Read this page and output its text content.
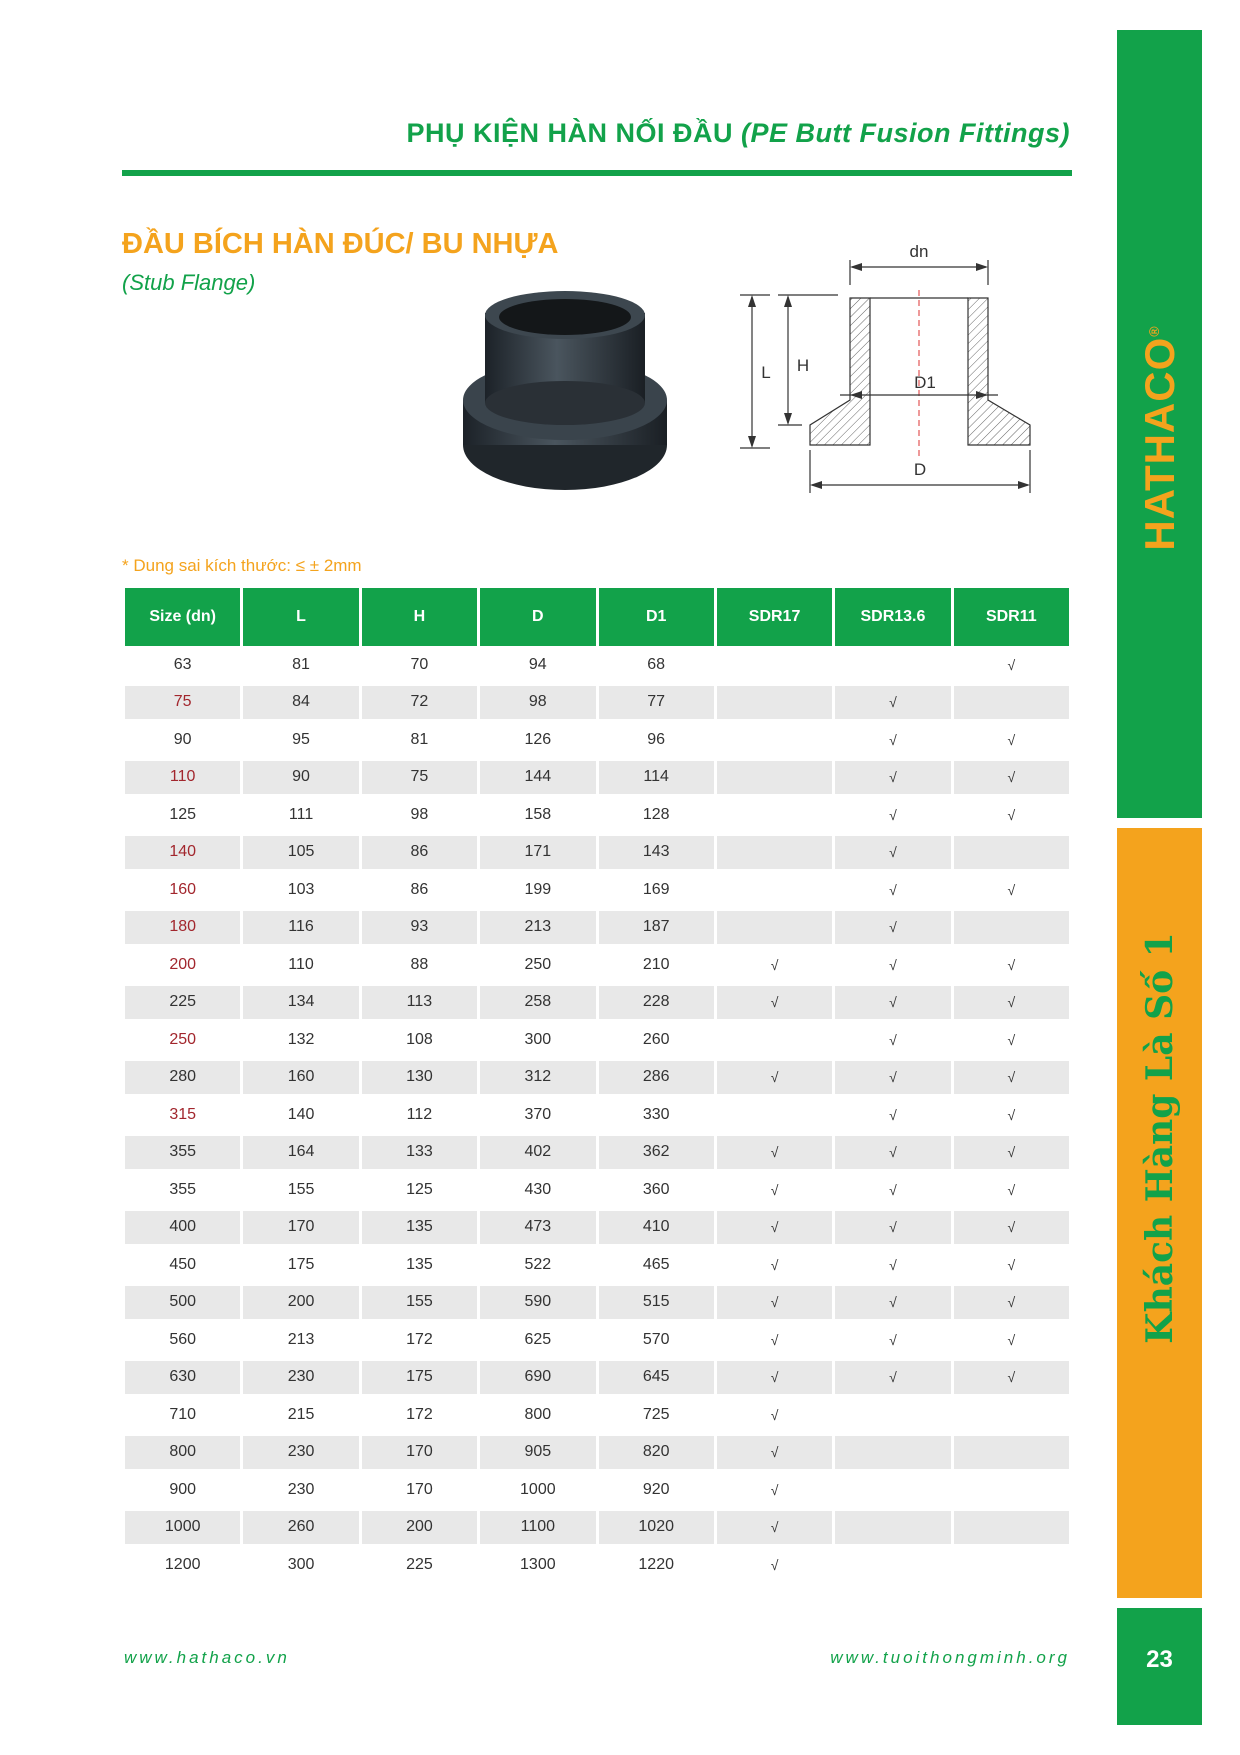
PHỤ KIỆN HÀN NỐI ĐẦU (PE Butt Fusion Fittings)
ĐẦU BÍCH HÀN ĐÚC/ BU NHỰA
(Stub Flange)
dn
D1
D
L H
* Dung sai kích thước: ≤ ± 2mm
Size (dn)	L	H	D	D1	SDR17	SDR13.6	SDR11
63	81	70	94	68			√
75	84	72	98	77		√	
90	95	81	126	96		√	√
110	90	75	144	114		√	√
125	111	98	158	128		√	√
140	105	86	171	143		√	
160	103	86	199	169		√	√
180	116	93	213	187		√	
200	110	88	250	210	√	√	√
225	134	113	258	228	√	√	√
250	132	108	300	260		√	√
280	160	130	312	286	√	√	√
315	140	112	370	330		√	√
355	164	133	402	362	√	√	√
355	155	125	430	360	√	√	√
400	170	135	473	410	√	√	√
450	175	135	522	465	√	√	√
500	200	155	590	515	√	√	√
560	213	172	625	570	√	√	√
630	230	175	690	645	√	√	√
710	215	172	800	725	√		
800	230	170	905	820	√		
900	230	170	1000	920	√		
1000	260	200	1100	1020	√		
1200	300	225	1300	1220	√		
www.hathaco.vn	www.tuoithongminh.org
HATHACO®
Khách Hàng Là Số 1
23
